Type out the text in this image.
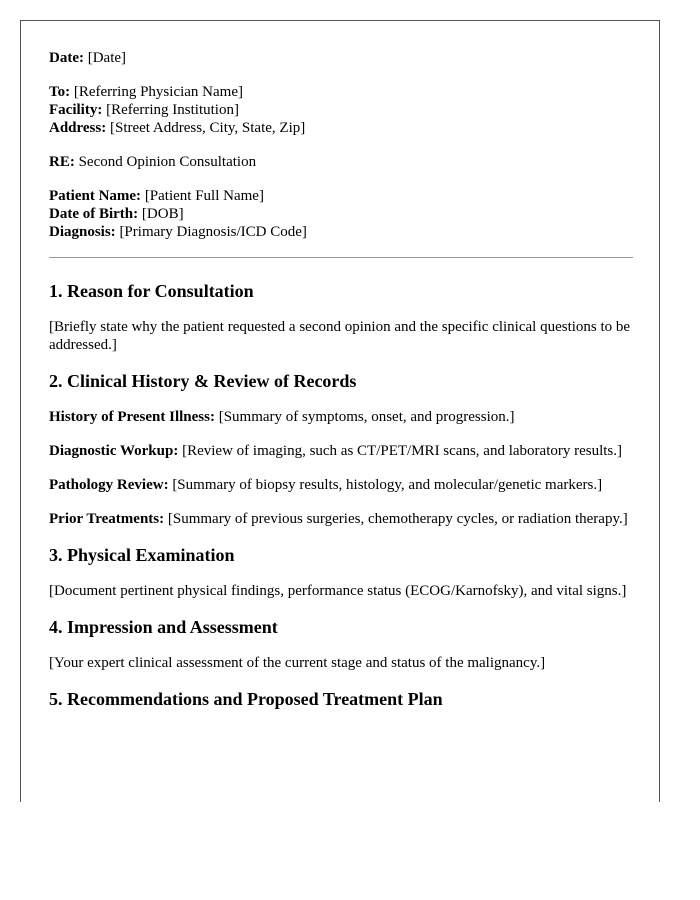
Date: [Date]

To: [Referring Physician Name]

Facility: [Referring Institution]

Address: [Street Address, City, State, Zip]

RE: Second Opinion Consultation

Patient Name: [Patient Full Name]

Date of Birth: [DOB]

Diagnosis: [Primary Diagnosis/ICD Code]

1. Reason for Consultation

[Briefly state why the patient requested a second opinion and the specific clinical questions to be addressed.]

2. Clinical History & Review of Records

History of Present Illness: [Summary of symptoms, onset, and progression.]

Diagnostic Workup: [Review of imaging, such as CT/PET/MRI scans, and laboratory results.]

Pathology Review: [Summary of biopsy results, histology, and molecular/genetic markers.]

Prior Treatments: [Summary of previous surgeries, chemotherapy cycles, or radiation therapy.]

3. Physical Examination

[Document pertinent physical findings, performance status (ECOG/Karnofsky), and vital signs.]

4. Impression and Assessment

[Your expert clinical assessment of the current stage and status of the malignancy.]

5. Recommendations and Proposed Treatment Plan
